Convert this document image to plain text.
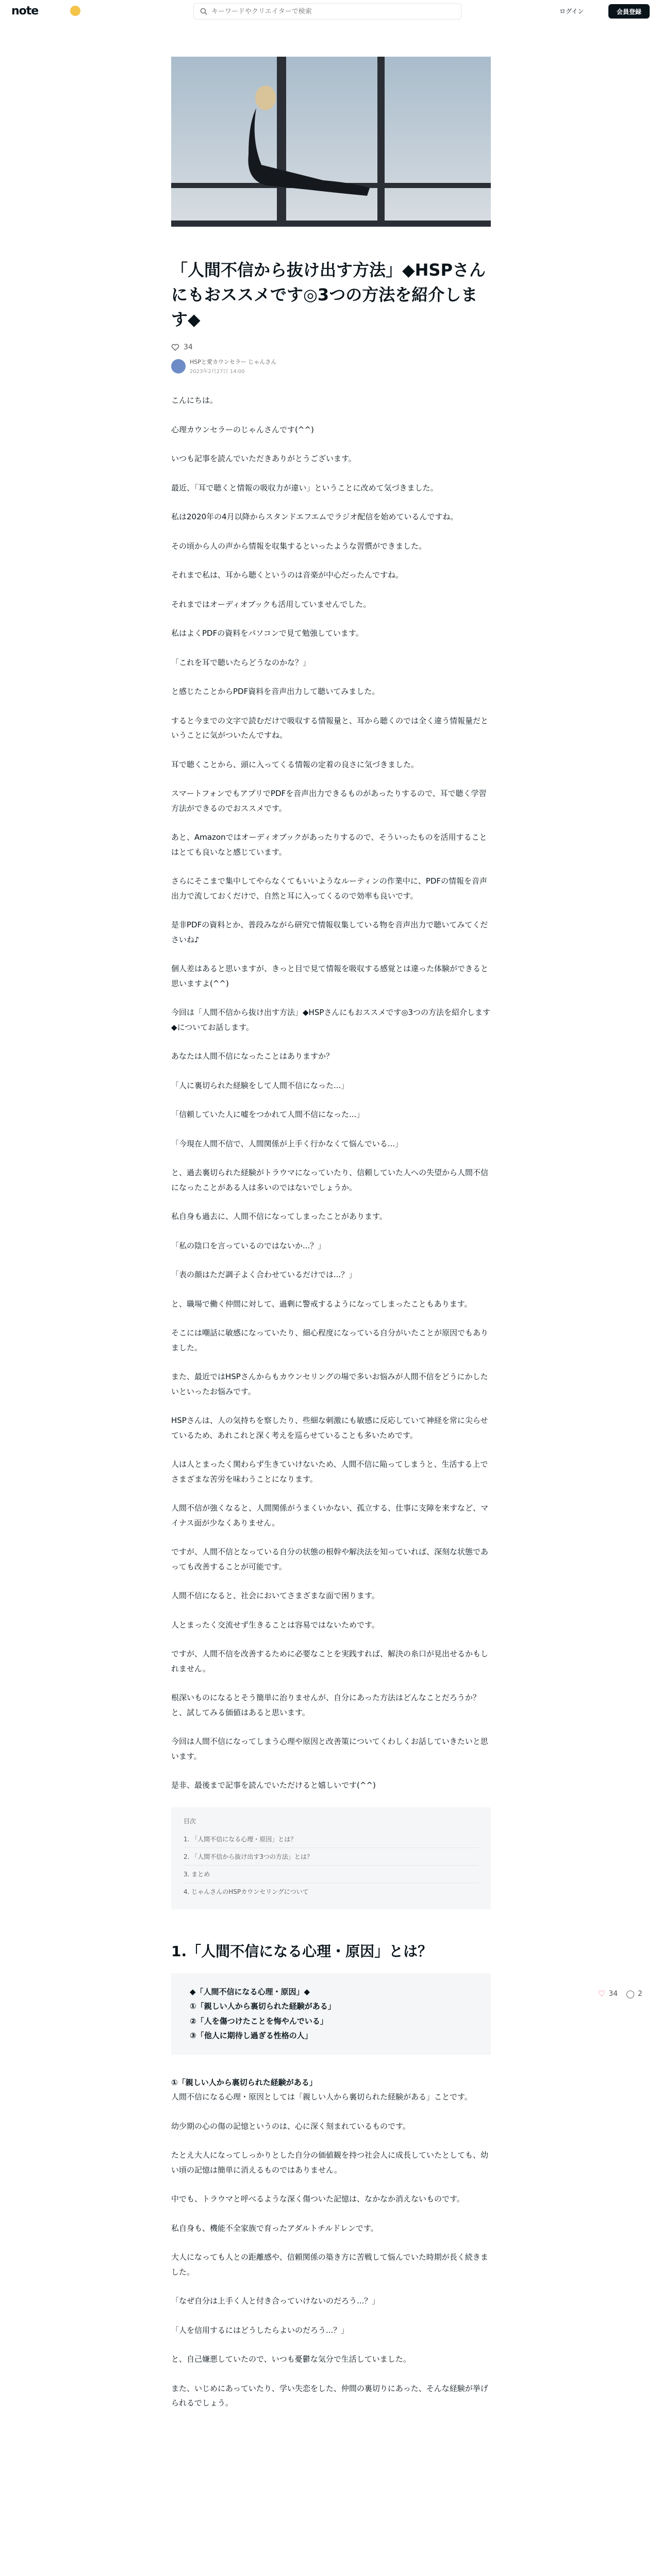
note
キーワードやクリエイターで検索	ログイン	会員登録
「人間不信から抜け出す方法」◆HSPさんにもおススメです◎3つの方法を紹介します◆
34
HSPと愛カウンセラー じゃんさん
2023年2月27日 14:00

こんにちは。

心理カウンセラーのじゃんさんです(^^)

いつも記事を読んでいただきありがとうございます。

最近、「耳で聴くと情報の吸収力が違い」ということに改めて気づきました。

私は2020年の4月以降からスタンドエフエムでラジオ配信を始めているんですね。

その頃から人の声から情報を収集するといったような習慣ができました。

それまで私は、耳から聴くというのは音楽が中心だったんですね。

それまではオーディオブックも活用していませんでした。

私はよくPDFの資料をパソコンで見て勉強しています。

「これを耳で聴いたらどうなのかな？」

と感じたことからPDF資料を音声出力して聴いてみました。

すると今までの文字で読むだけで吸収する情報量と、耳から聴くのでは全く違う情報量だということに気がついたんですね。

耳で聴くことから、頭に入ってくる情報の定着の良さに気づきました。

スマートフォンでもアプリでPDFを音声出力できるものがあったりするので、耳で聴く学習方法ができるのでおススメです。

あと、Amazonではオーディオブックがあったりするので、そういったものを活用することはとても良いなと感じています。

さらにそこまで集中してやらなくてもいいようなルーティンの作業中に、PDFの情報を音声出力で流しておくだけで、自然と耳に入ってくるので効率も良いです。

是非PDFの資料とか、普段みながら研究で情報収集している物を音声出力で聴いてみてくださいね♪

個人差はあると思いますが、きっと目で見て情報を吸収する感覚とは違った体験ができると思いますよ(^^)

今回は「人間不信から抜け出す方法」◆HSPさんにもおススメです◎3つの方法を紹介します◆についてお話します。

あなたは人間不信になったことはありますか？

「人に裏切られた経験をして人間不信になった...」

「信頼していた人に嘘をつかれて人間不信になった...」

「今現在人間不信で、人間関係が上手く行かなくて悩んでいる...」

と、過去裏切られた経験がトラウマになっていたり、信頼していた人への失望から人間不信になったことがある人は多いのではないでしょうか。

私自身も過去に、人間不信になってしまったことがあります。

「私の陰口を言っているのではないか...？」

「表の顔はただ調子よく合わせているだけでは...？」

と、職場で働く仲間に対して、過剰に警戒するようになってしまったこともあります。

そこには嘲話に敏感になっていたり、細心程度になっている自分がいたことが原因でもありました。

また、最近ではHSPさんからもカウンセリングの場で多いお悩みが人間不信をどうにかしたいといったお悩みです。

HSPさんは、人の気持ちを察したり、些細な刺激にも敏感に反応していて神経を常に尖らせているため、あれこれと深く考えを巡らせていることも多いためです。

人は人とまったく関わらず生きていけないため、人間不信に陥ってしまうと、生活する上でさまざまな苦労を味わうことになります。

人間不信が強くなると、人間関係がうまくいかない、孤立する、仕事に支障を来すなど、マイナス面が少なくありません。

ですが、人間不信となっている自分の状態の根幹や解決法を知っていれば、深刻な状態であっても改善することが可能です。

人間不信になると、社会においてさまざまな面で困ります。

人とまったく交流せず生きることは容易ではないためです。

ですが、人間不信を改善するために必要なことを実践すれば、解決の糸口が見出せるかもしれません。

根深いものになるとそう簡単に治りませんが、自分にあった方法はどんなことだろうか？と、試してみる価値はあると思います。

今回は人間不信になってしまう心理や原因と改善策についてくわしくお話していきたいと思います。

是非、最後まで記事を読んでいただけると嬉しいです(^^)

目次
1. 「人間不信になる心理・原因」とは？
2. 「人間不信から抜け出す3つの方法」とは？
3. まとめ
4. じゃんさんのHSPカウンセリングについて
1.「人間不信になる心理・原因」とは？
◆「人間不信になる心理・原因」◆
①「親しい人から裏切られた経験がある」
②「人を傷つけたことを悔やんでいる」
③「他人に期待し過ぎる性格の人」

①「親しい人から裏切られた経験がある」

人間不信になる心理・原因としては「親しい人から裏切られた経験がある」ことです。

幼少期の心の傷の記憶というのは、心に深く刻まれているものです。

たとえ大人になってしっかりとした自分の価値観を持つ社会人に成長していたとしても、幼い頃の記憶は簡単に消えるものではありません。

中でも、トラウマと呼べるような深く傷ついた記憶は、なかなか消えないものです。

私自身も、機能不全家族で育ったアダルトチルドレンです。

大人になっても人との距離感や、信頼関係の築き方に苦戦して悩んでいた時期が長く続きました。

「なぜ自分は上手く人と付き合っていけないのだろう...？」

「人を信用するにはどうしたらよいのだろう...？」

と、自己嫌悪していたので、いつも憂鬱な気分で生活していました。

また、いじめにあっていたり、学い失恋をした、仲間の裏切りにあった、そんな経験が挙げられるでしょう。

♡ 34 ◯ 2
